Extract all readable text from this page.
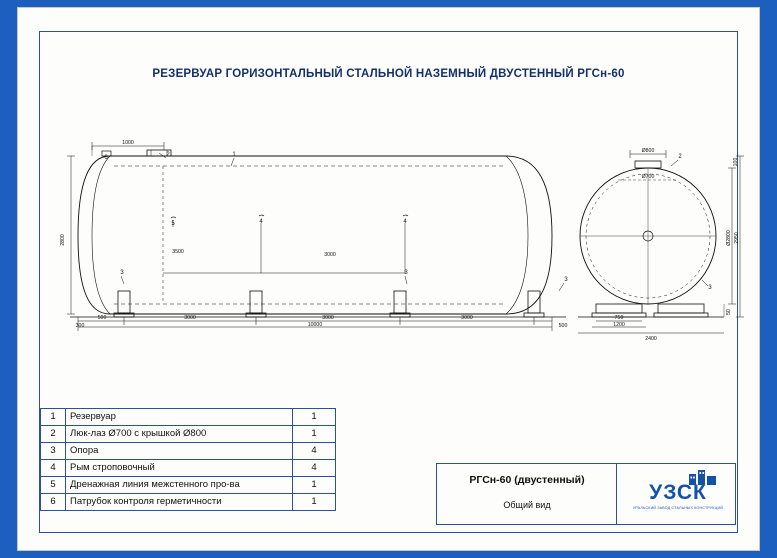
РЕЗЕРВУАР ГОРИЗОНТАЛЬНЫЙ СТАЛЬНОЙ НАЗЕМНЫЙ ДВУСТЕННЫЙ РГСн-60
2800
1000
3500	3000
500	3000	3000	3000
300	500
10000
Ø800
Ø700
Ø2800 2950
100
50
750
1200
2400
1
2
3	3
3
4	4
5
6	2
3
1	Резервуар	1
2	Люк-лаз Ø700 с крышкой Ø800	1
3	Опора	4
4	Рым строповочный	4
5	Дренажная линия межстенного про-ва	1
6	Патрубок контроля герметичности	1
РГСн-60 (двустенный)
Общий вид
УЗСК
УРАЛЬСКИЙ ЗАВОД СТАЛЬНЫХ КОНСТРУКЦИЙ
